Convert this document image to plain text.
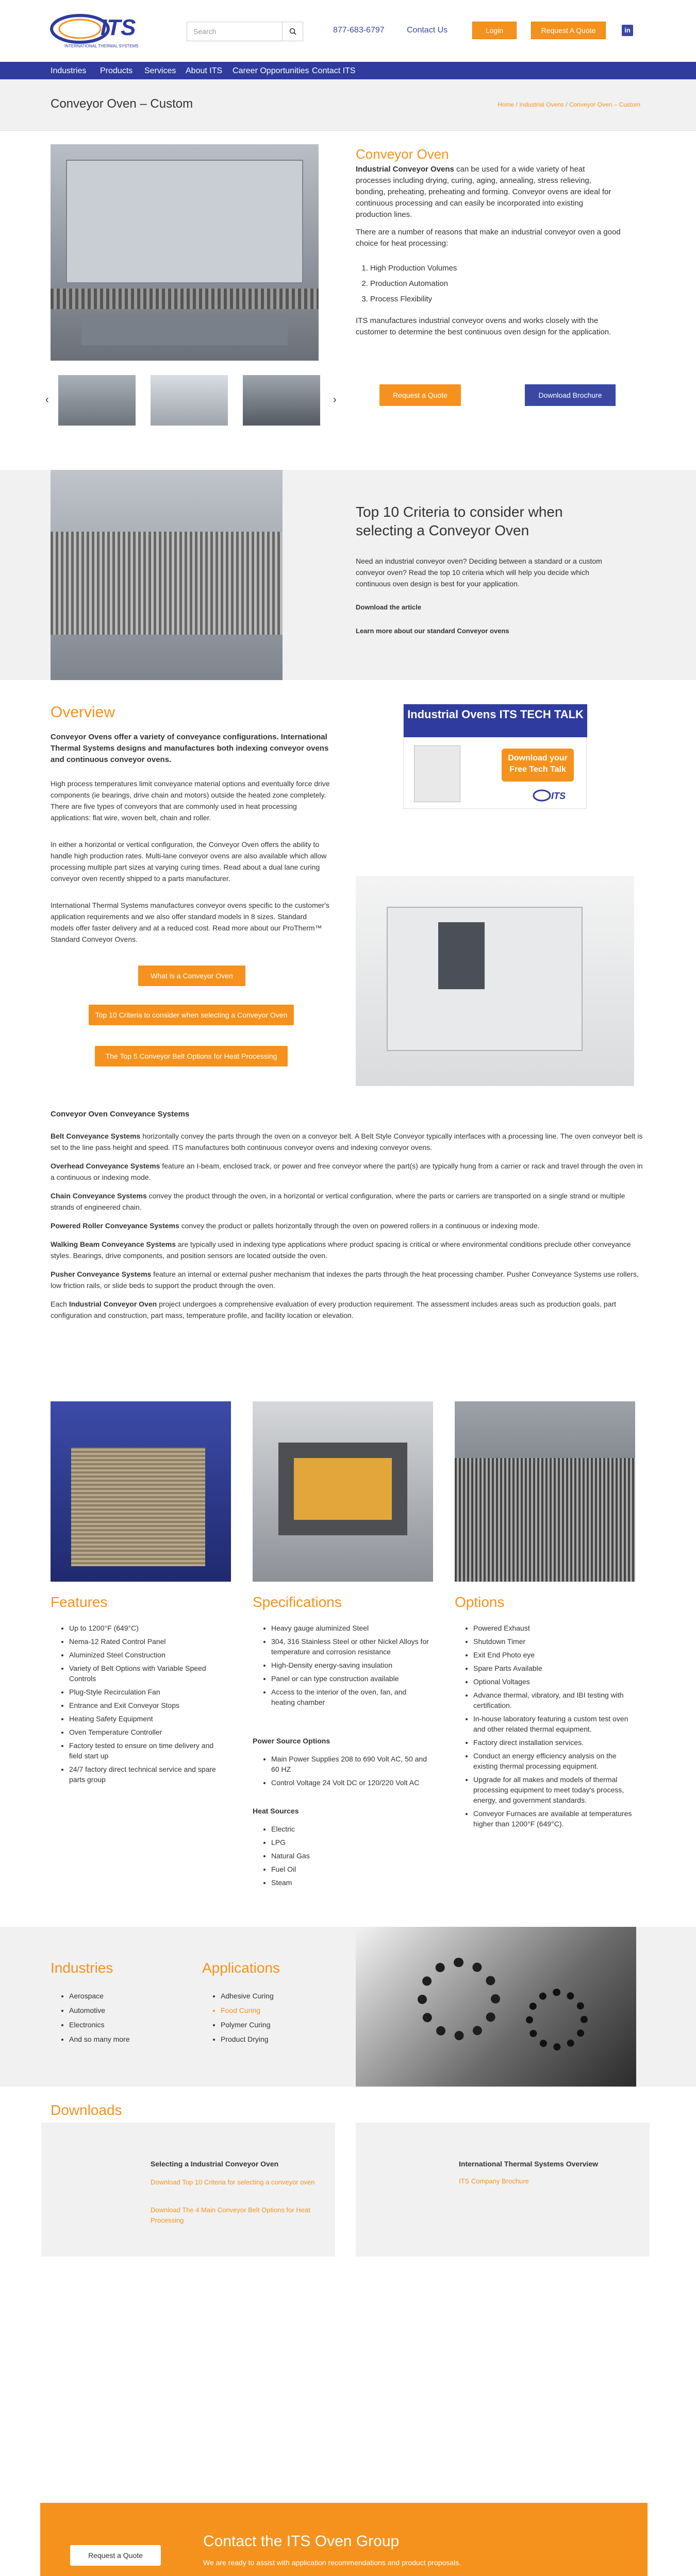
ITS
INTERNATIONAL THERMAL SYSTEMS
Search	877-683-6797	Contact Us	Login	Request A Quote	in
Industries Products Services About ITS Career Opportunities Contact ITS
Conveyor Oven – Custom	Home / Industrial Ovens / Conveyor Oven – Custom
‹	›
Conveyor Oven

Industrial Conveyor Ovens can be used for a wide variety of heat processes including drying, curing, aging, annealing, stress relieving, bonding, preheating, preheating and forming. Conveyor ovens are ideal for continuous processing and can easily be incorporated into existing production lines.

There are a number of reasons that make an industrial conveyor oven a good choice for heat processing:

1. High Production Volumes
2. Production Automation
3. Process Flexibility

ITS manufactures industrial conveyor ovens and works closely with the customer to determine the best continuous oven design for the application.

Request a Quote	Download Brochure
Top 10 Criteria to consider when selecting a Conveyor Oven

Need an industrial conveyor oven? Deciding between a standard or a custom conveyor oven? Read the top 10 criteria which will help you decide which continuous oven design is best for your application.

Download the article
Learn more about our standard Conveyor ovens
Overview

Conveyor Ovens offer a variety of conveyance configurations. International Thermal Systems designs and manufactures both indexing conveyor ovens and continuous conveyor ovens.

High process temperatures limit conveyance material options and eventually force drive components (ie bearings, drive chain and motors) outside the heated zone completely. There are five types of conveyors that are commonly used in heat processing applications: flat wire, woven belt, chain and roller.

In either a horizontal or vertical configuration, the Conveyor Oven offers the ability to handle high production rates. Multi-lane conveyor ovens are also available which allow processing multiple part sizes at varying curing times. Read about a dual lane curing conveyor oven recently shipped to a parts manufacturer.

International Thermal Systems manufactures conveyor ovens specific to the customer's application requirements and we also offer standard models in 8 sizes. Standard models offer faster delivery and at a reduced cost. Read more about our ProTherm™ Standard Conveyor Ovens.

What is a Conveyor Oven
Top 10 Criteria to consider when selecting a Conveyor Oven
The Top 5 Conveyor Belt Options for Heat Processing
Industrial Ovens ITS TECH TALK
Download your Free Tech Talk
ITS
Conveyor Oven Conveyance Systems

Belt Conveyance Systems horizontally convey the parts through the oven on a conveyor belt. A Belt Style Conveyor typically interfaces with a processing line. The oven conveyor belt is set to the line pass height and speed. ITS manufactures both continuous conveyor ovens and indexing conveyor ovens.

Overhead Conveyance Systems feature an I-beam, enclosed track, or power and free conveyor where the part(s) are typically hung from a carrier or rack and travel through the oven in a continuous or indexing mode.

Chain Conveyance Systems convey the product through the oven, in a horizontal or vertical configuration, where the parts or carriers are transported on a single strand or multiple strands of engineered chain.

Powered Roller Conveyance Systems convey the product or pallets horizontally through the oven on powered rollers in a continuous or indexing mode.

Walking Beam Conveyance Systems are typically used in indexing type applications where product spacing is critical or where environmental conditions preclude other conveyance styles. Bearings, drive components, and position sensors are located outside the oven.

Pusher Conveyance Systems feature an internal or external pusher mechanism that indexes the parts through the heat processing chamber. Pusher Conveyance Systems use rollers, low friction rails, or slide beds to support the product through the oven.

Each Industrial Conveyor Oven project undergoes a comprehensive evaluation of every production requirement. The assessment includes areas such as production goals, part configuration and construction, part mass, temperature profile, and facility location or elevation.

Features
• Up to 1200°F (649°C)
• Nema-12 Rated Control Panel
• Aluminized Steel Construction
• Variety of Belt Options with Variable Speed Controls
• Plug-Style Recirculation Fan
• Entrance and Exit Conveyor Stops
• Heating Safety Equipment
• Oven Temperature Controller
• Factory tested to ensure on time delivery and field start up
• 24/7 factory direct technical service and spare parts group
Specifications
• Heavy gauge aluminized Steel
• 304, 316 Stainless Steel or other Nickel Alloys for temperature and corrosion resistance
• High-Density energy-saving insulation
• Panel or can type construction available
• Access to the interior of the oven, fan, and heating chamber
Power Source Options
• Main Power Supplies 208 to 690 Volt AC, 50 and 60 HZ
• Control Voltage 24 Volt DC or 120/220 Volt AC
Heat Sources
• Electric
• LPG
• Natural Gas
• Fuel Oil
• Steam
Options
• Powered Exhaust
• Shutdown Timer
• Exit End Photo eye
• Spare Parts Available
• Optional Voltages
• Advance thermal, vibratory, and IBI testing with certification.
• In-house laboratory featuring a custom test oven and other related thermal equipment.
• Factory direct installation services.
• Conduct an energy efficiency analysis on the existing thermal processing equipment.
• Upgrade for all makes and models of thermal processing equipment to meet today's process, energy, and government standards.
• Conveyor Furnaces are available at temperatures higher than 1200°F (649°C).
Industries
• Aerospace
• Automotive
• Electronics
• And so many more
Applications
• Adhesive Curing
• Food Curing
• Polymer Curing
• Product Drying
Downloads
Selecting a Industrial Conveyor Oven
Download Top 10 Criteria for selecting a conveyor oven
Download The 4 Main Conveyor Belt Options for Heat Processing
International Thermal Systems Overview
ITS Company Brochure
Contact the ITS Oven Group

We are ready to assist with application recommendations and product proposals.

Request a Quote
